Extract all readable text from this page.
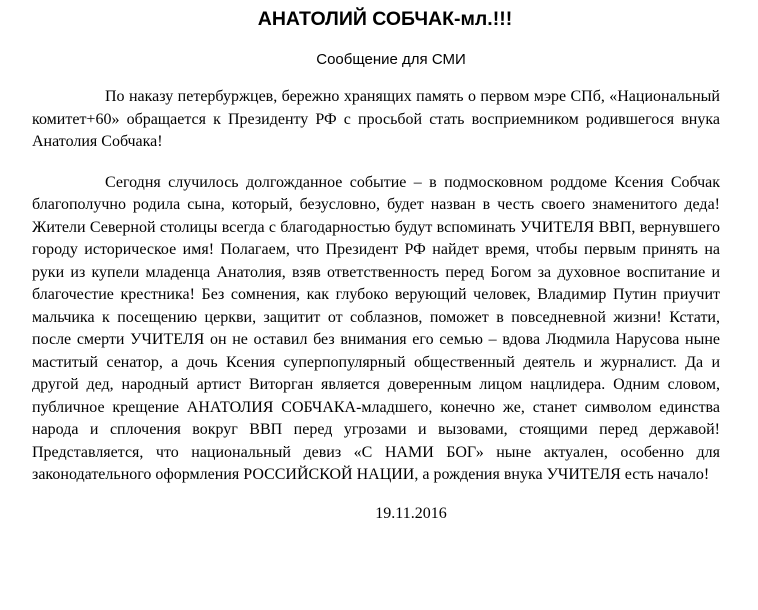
АНАТОЛИЙ СОБЧАК-мл.!!!

Сообщение для СМИ

По наказу петербуржцев, бережно хранящих память о первом мэре СПб, «Национальный комитет+60» обращается к Президенту РФ с просьбой стать восприемником родившегося внука Анатолия Собчака!

Сегодня случилось долгожданное событие – в подмосковном роддоме Ксения Собчак благополучно родила сына, который, безусловно, будет назван в честь своего знаменитого деда! Жители Северной столицы всегда с благодарностью будут вспоминать УЧИТЕЛЯ ВВП, вернувшего городу историческое имя! Полагаем, что Президент РФ найдет время, чтобы первым принять на руки из купели младенца Анатолия, взяв ответственность перед Богом за духовное воспитание и благочестие крестника! Без сомнения, как глубоко верующий человек, Владимир Путин приучит мальчика к посещению церкви, защитит от соблазнов, поможет в повседневной жизни! Кстати, после смерти УЧИТЕЛЯ он не оставил без внимания его семью – вдова Людмила Нарусова ныне маститый сенатор, а дочь Ксения суперпопулярный общественный деятель и журналист. Да и другой дед, народный артист Виторган является доверенным лицом нацлидера. Одним словом, публичное крещение АНАТОЛИЯ СОБЧАКА-младшего, конечно же, станет символом единства народа и сплочения вокруг ВВП перед угрозами и вызовами, стоящими перед державой! Представляется, что национальный девиз «С НАМИ БОГ» ныне актуален, особенно для законодательного оформления РОССИЙСКОЙ НАЦИИ, а рождения внука УЧИТЕЛЯ есть начало!

19.11.2016
